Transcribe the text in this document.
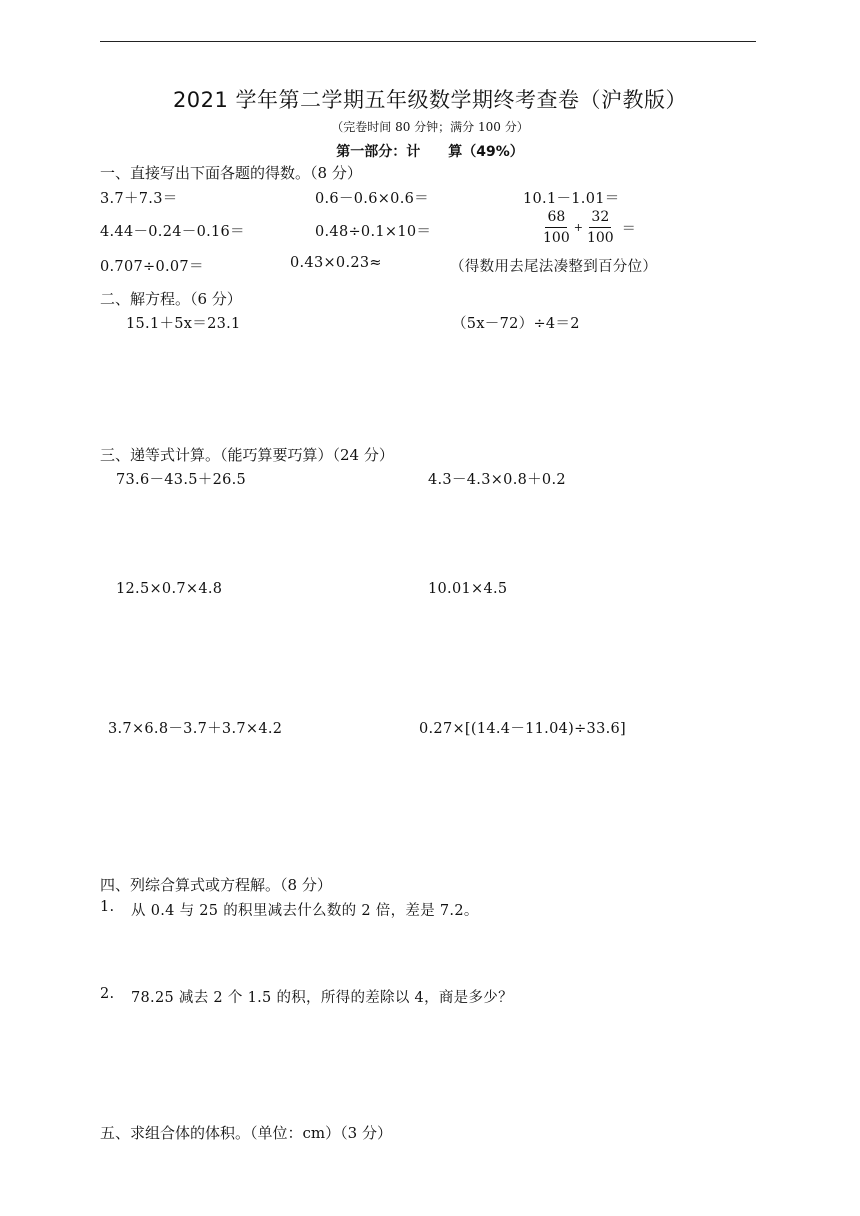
2021 学年第二学期五年级数学期终考查卷（沪教版）
（完卷时间 80 分钟；满分 100 分）
第一部分：计　　算（49%）
一、直接写出下面各题的得数。（8 分）
3.7＋7.3＝	0.6－0.6×0.6＝	10.1－1.01＝
4.44－0.24－0.16＝	0.48÷0.1×10＝	$\frac{68}{100} + \frac{32}{100}$ ＝
0.707÷0.07＝	0.43×0.23≈	（得数用去尾法凑整到百分位）
二、解方程。（6 分）
15.1＋5x＝23.1	（5x－72）÷4＝2
三、递等式计算。（能巧算要巧算）（24 分）
73.6－43.5＋26.5	4.3－4.3×0.8＋0.2
12.5×0.7×4.8	10.01×4.5
3.7×6.8－3.7＋3.7×4.2	0.27×[(14.4－11.04)÷33.6]
四、列综合算式或方程解。（8 分）
1. 从 0.4 与 25 的积里减去什么数的 2 倍，差是 7.2。
2. 78.25 减去 2 个 1.5 的积，所得的差除以 4，商是多少？
五、求组合体的体积。（单位：cm）（3 分）
